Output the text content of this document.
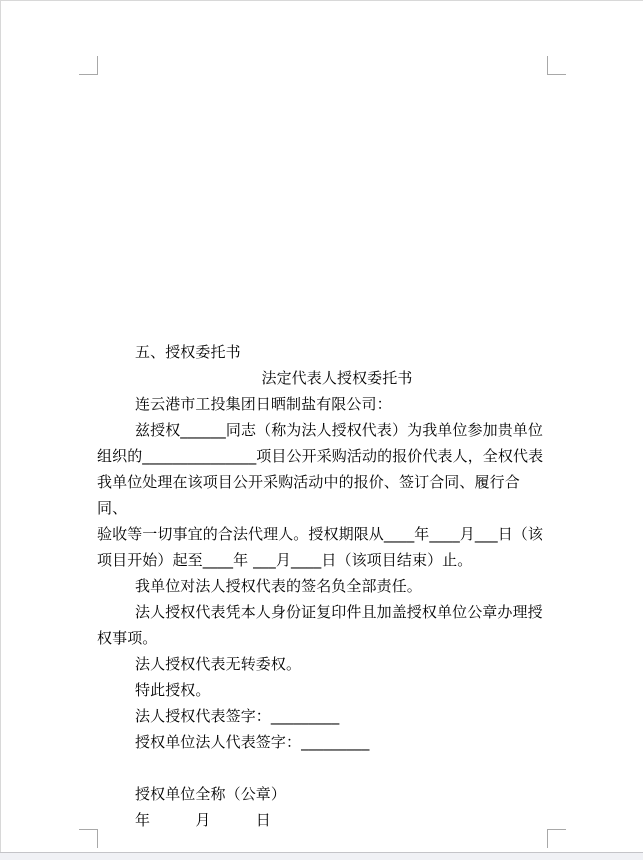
五、授权委托书
法定代表人授权委托书
连云港市工投集团日晒制盐有限公司：
兹授权______同志（称为法人授权代表）为我单位参加贵单位
组织的_______________项目公开采购活动的报价代表人，全权代表
我单位处理在该项目公开采购活动中的报价、签订合同、履行合同、
验收等一切事宜的合法代理人。授权期限从____年____月___日（该
项目开始）起至____年 ___月____日（该项目结束）止。
我单位对法人授权代表的签名负全部责任。
法人授权代表凭本人身份证复印件且加盖授权单位公章办理授
权事项。
法人授权代表无转委权。
特此授权。
法人授权代表签字：_________
授权单位法人代表签字：_________
授权单位全称（公章）
年　　　月　　　日
